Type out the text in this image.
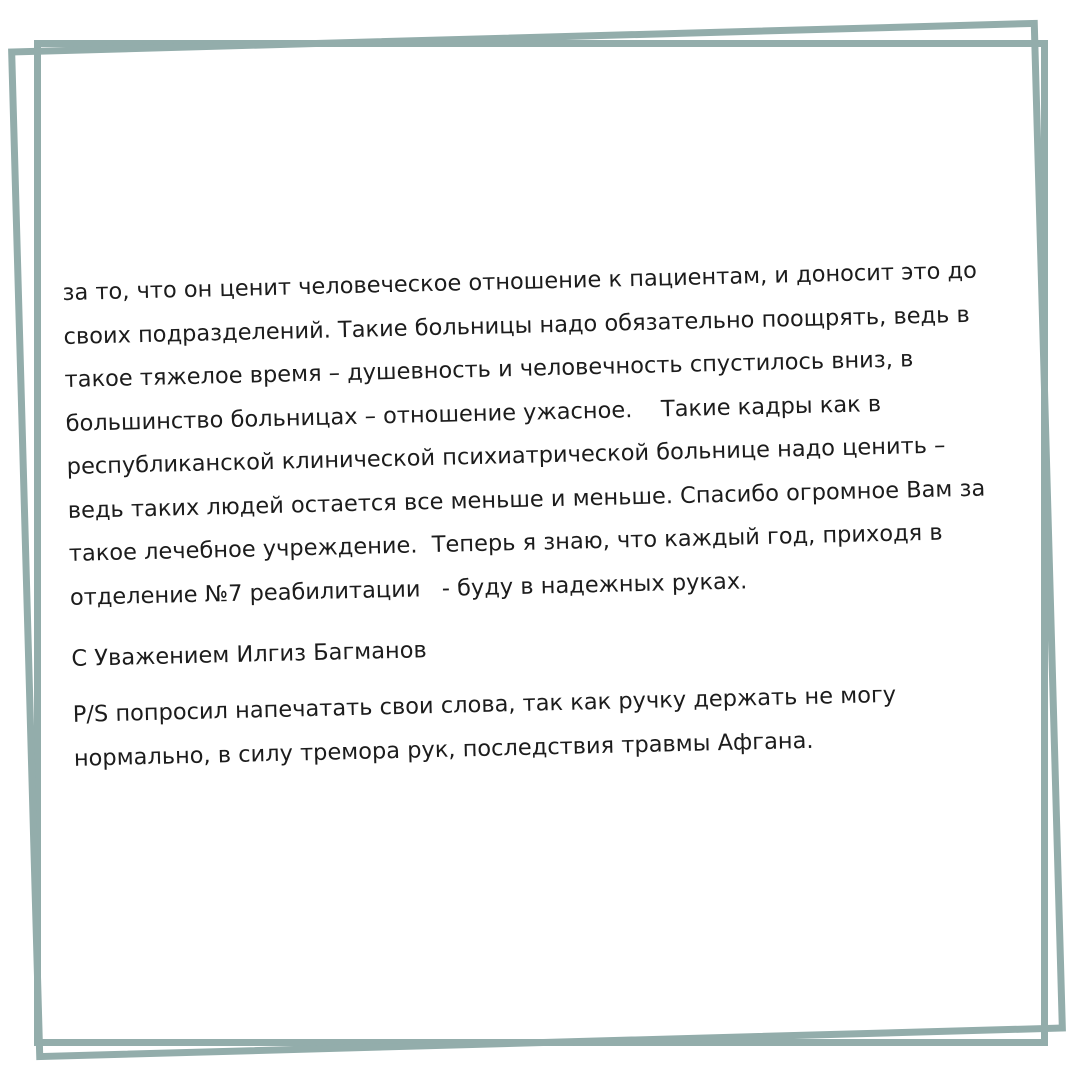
за то, что он ценит человеческое отношение к пациентам, и доносит это до
своих подразделений. Такие больницы надо обязательно поощрять, ведь в
такое тяжелое время – душевность и человечность спустилось вниз, в
большинство больницах – отношение ужасное.    Такие кадры как в
республиканской клинической психиатрической больнице надо ценить –
ведь таких людей остается все меньше и меньше. Спасибо огромное Вам за
такое лечебное учреждение.  Теперь я знаю, что каждый год, приходя в
отделение №7 реабилитации   - буду в надежных руках.
С Уважением Илгиз Багманов
P/S попросил напечатать свои слова, так как ручку держать не могу
нормально, в силу тремора рук, последствия травмы Афгана.
